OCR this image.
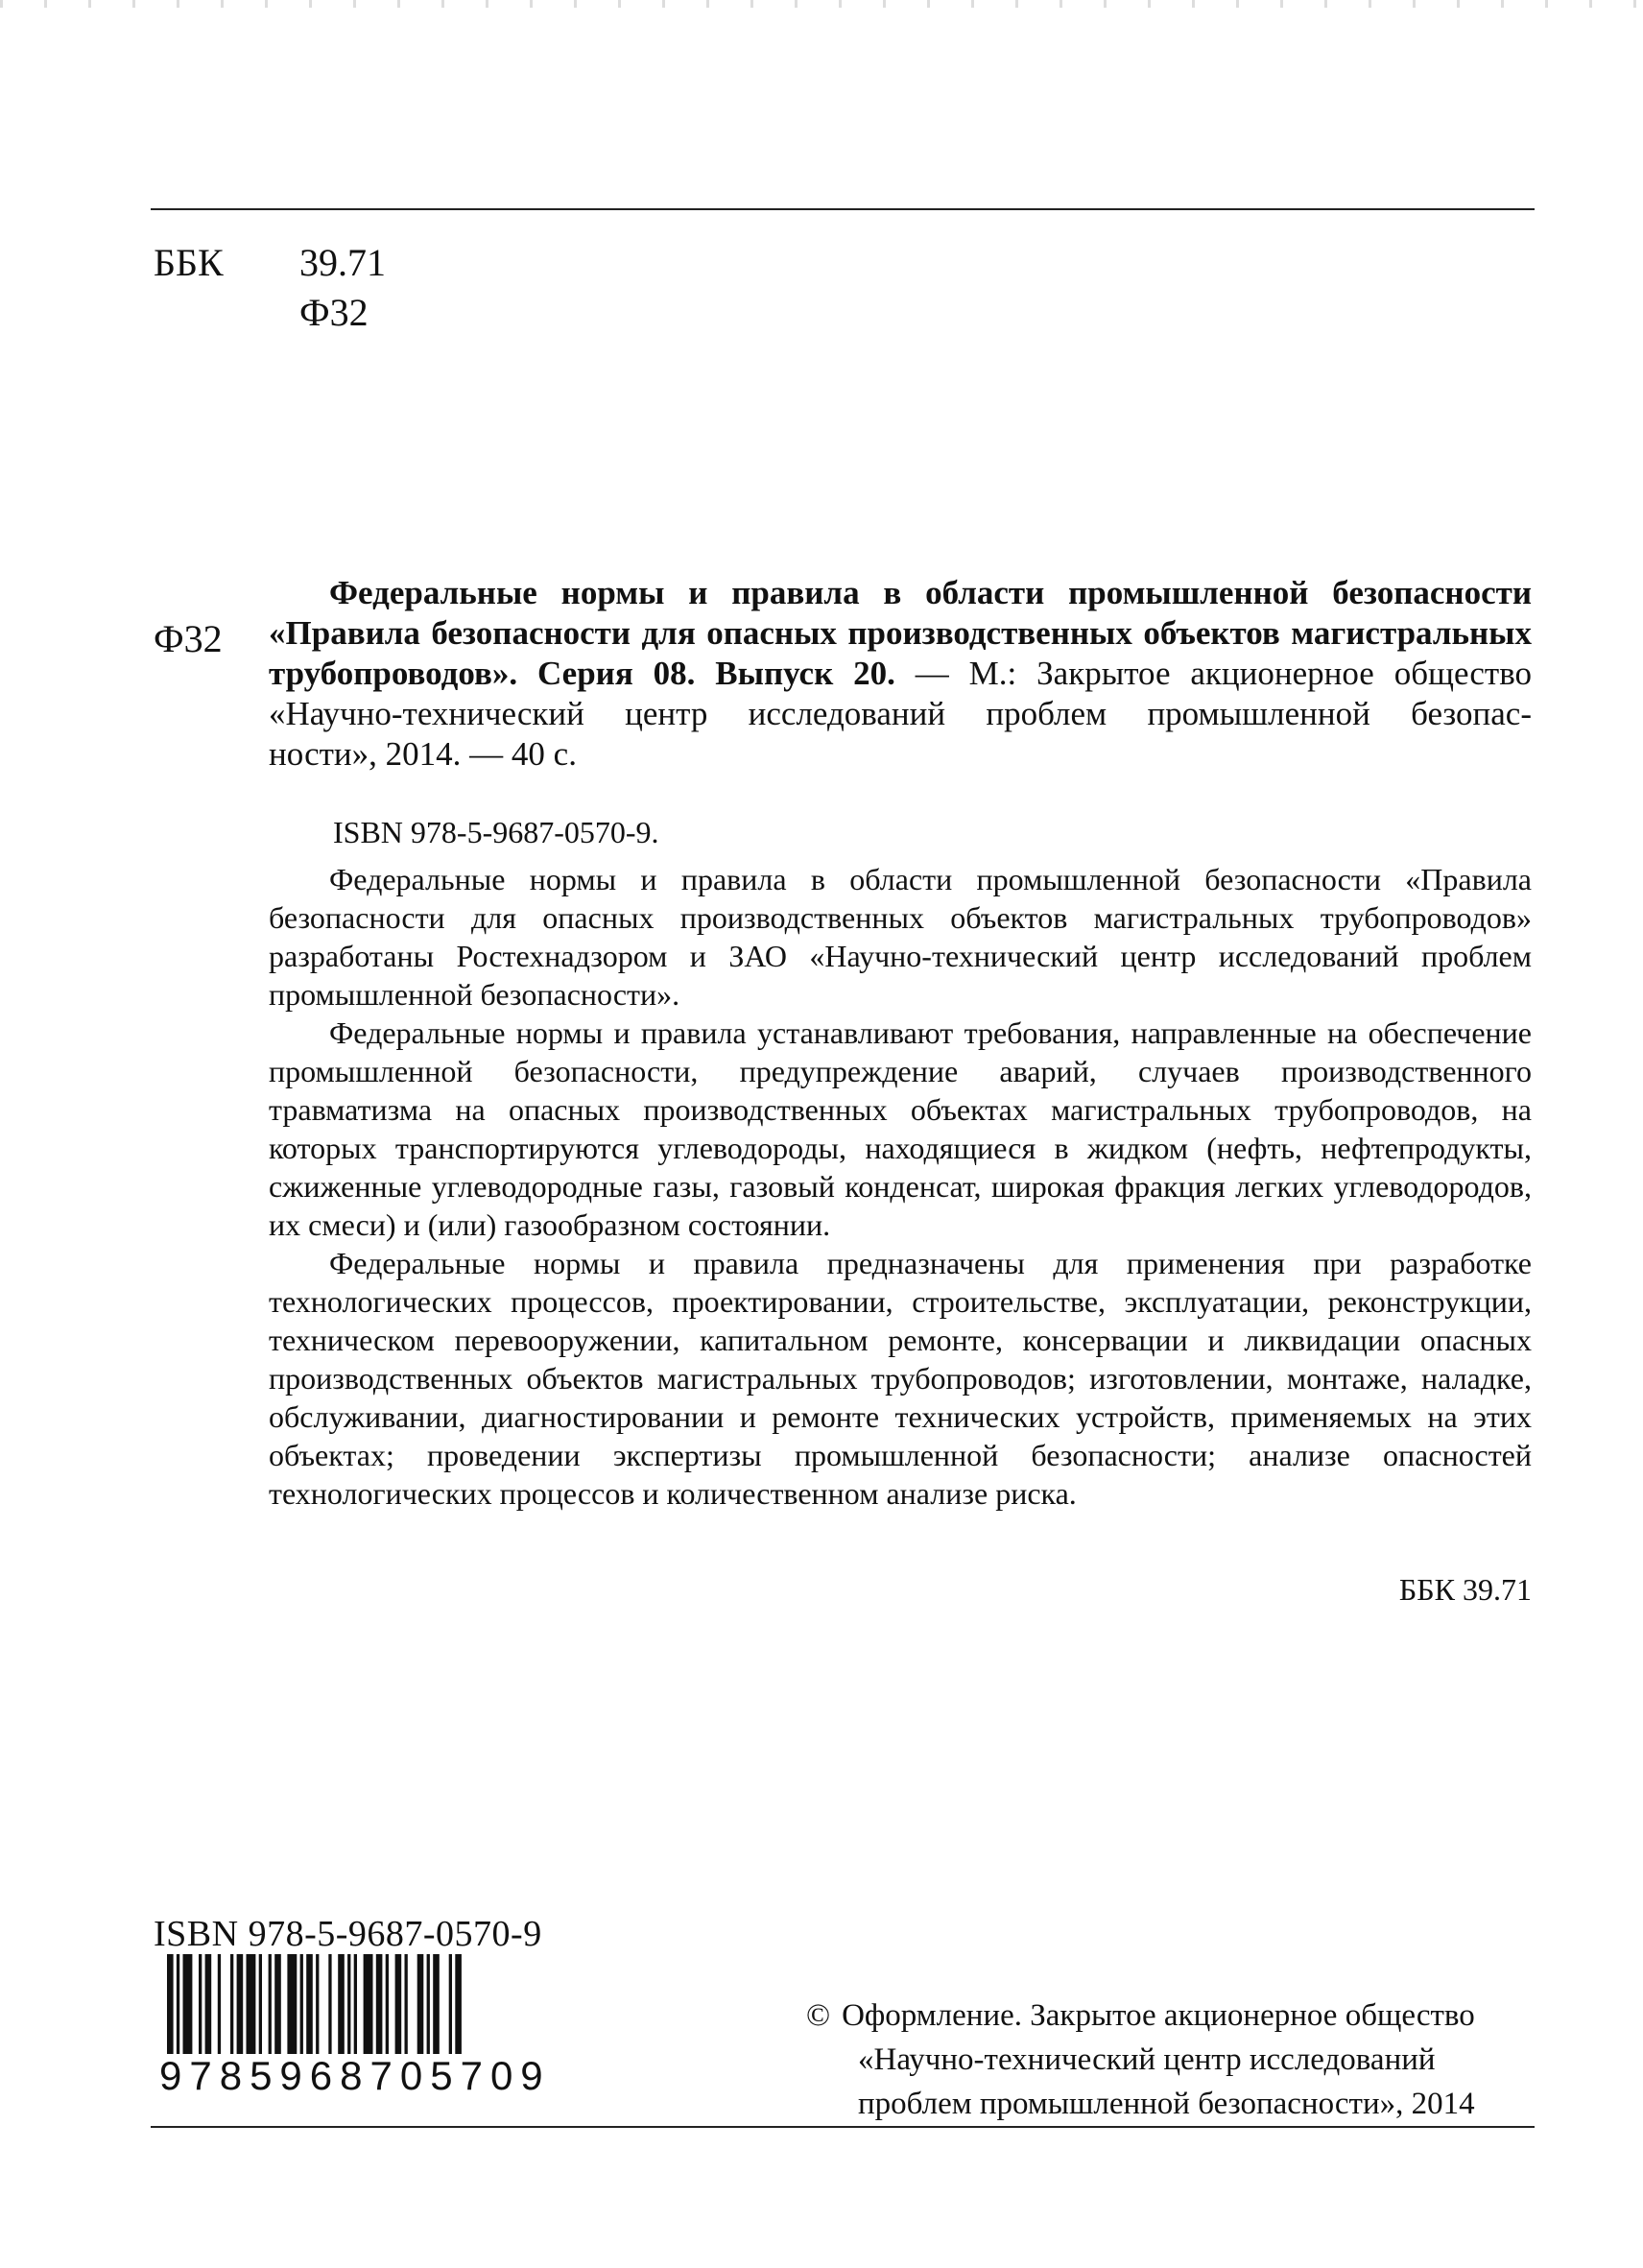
ББК	39.71
Ф32
Ф32
Федеральные нормы и правила в области промышленной безопасности
«Правила безопасности для опасных производственных объектов магистральных
трубопроводов». Серия 08. Выпуск 20. — М.: Закрытое акционерное общество
«Научно-технический центр исследований проблем промышленной безопас-
ности», 2014. — 40 с.
ISBN 978-5-9687-0570-9.

Федеральные нормы и правила в области промышленной безопасности «Правила безопасности для опасных производственных объектов магистральных трубопроводов» разработаны Ростехнадзором и ЗАО «Научно-технический центр исследований проблем промышленной безопасности».

Федеральные нормы и правила устанавливают требования, направленные на обеспечение промышленной безопасности, предупреждение аварий, случаев производственного травматизма на опасных производственных объектах магистральных трубопроводов, на которых транспортируются углеводороды, находящиеся в жидком (нефть, нефтепродукты, сжиженные углеводородные газы, газовый конденсат, широкая фракция легких углеводородов, их смеси) и (или) газообразном состоянии.

Федеральные нормы и правила предназначены для применения при разработке технологических процессов, проектировании, строительстве, эксплуатации, реконструкции, техническом перевооружении, капитальном ремонте, консервации и ликвидации опасных производственных объектов магистральных трубопроводов; изготовлении, монтаже, наладке, обслуживании, диагностировании и ремонте технических устройств, применяемых на этих объектах; проведении экспертизы промышленной безопасности; анализе опасностей технологических процессов и количественном анализе риска.

ББК 39.71
ISBN 978-5-9687-0570-9
9785968705709
© Оформление. Закрытое акционерное общество
«Научно-технический центр исследований
проблем промышленной безопасности», 2014
